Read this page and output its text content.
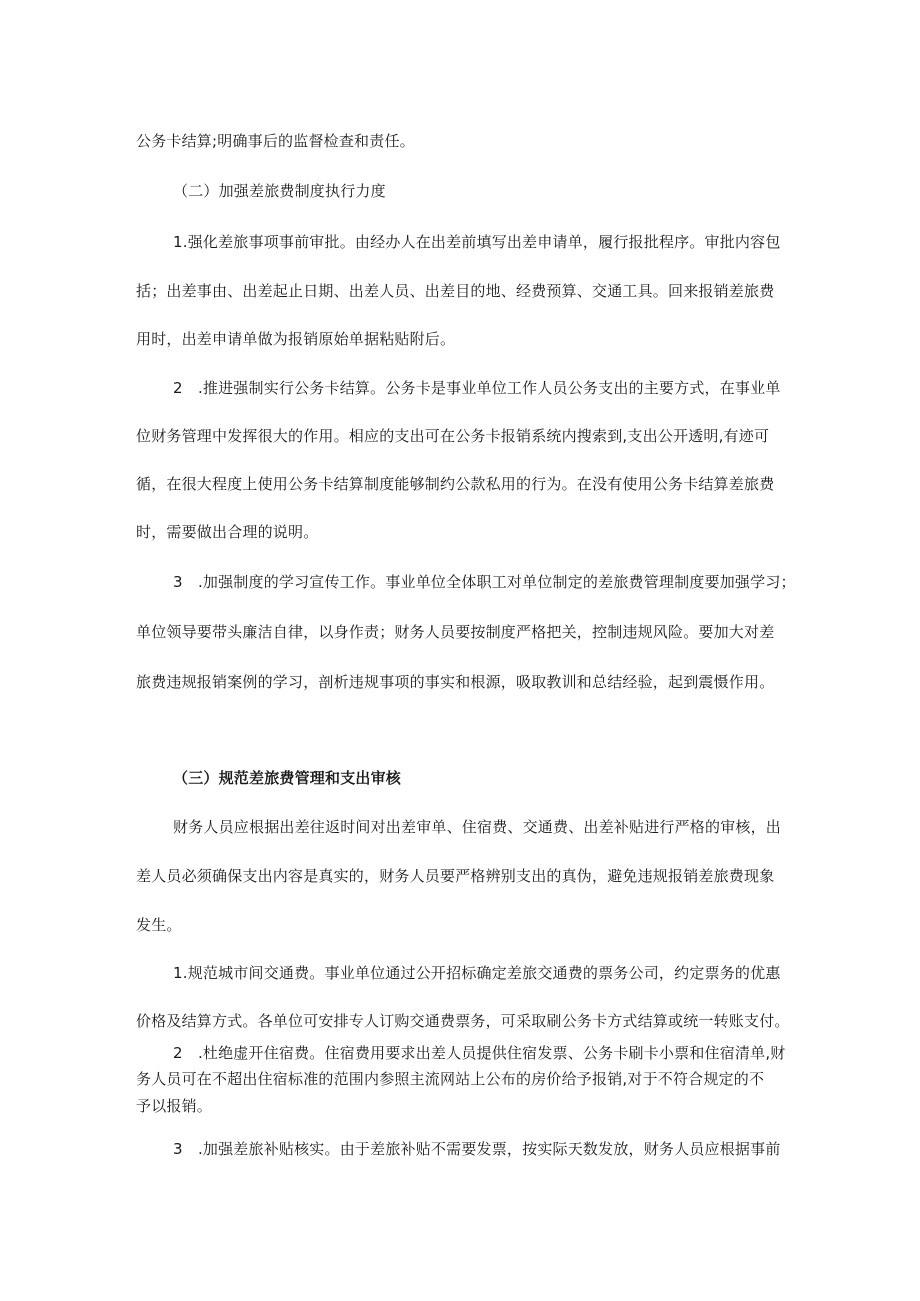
公务卡结算;明确事后的监督检查和责任。
（二）加强差旅费制度执行力度
1.强化差旅事项事前审批。由经办人在出差前填写出差申请单，履行报批程序。审批内容包
括；出差事由、出差起止日期、出差人员、出差目的地、经费预算、交通工具。回来报销差旅费
用时，出差申请单做为报销原始单据粘贴附后。
2　.推进强制实行公务卡结算。公务卡是事业单位工作人员公务支出的主要方式，在事业单
位财务管理中发挥很大的作用。相应的支出可在公务卡报销系统内搜索到,支出公开透明,有迹可
循，在很大程度上使用公务卡结算制度能够制约公款私用的行为。在没有使用公务卡结算差旅费
时，需要做出合理的说明。
3　.加强制度的学习宣传工作。事业单位全体职工对单位制定的差旅费管理制度要加强学习；
单位领导要带头廉洁自律，以身作责；财务人员要按制度严格把关，控制违规风险。要加大对差
旅费违规报销案例的学习，剖析违规事项的事实和根源，吸取教训和总结经验，起到震慑作用。
（三）规范差旅费管理和支出审核
财务人员应根据出差往返时间对出差审单、住宿费、交通费、出差补贴进行严格的审核，出
差人员必须确保支出内容是真实的，财务人员要严格辨别支出的真伪，避免违规报销差旅费现象
发生。
1.规范城市间交通费。事业单位通过公开招标确定差旅交通费的票务公司，约定票务的优惠
价格及结算方式。各单位可安排专人订购交通费票务，可采取刷公务卡方式结算或统一转账支付。
2　.杜绝虚开住宿费。住宿费用要求出差人员提供住宿发票、公务卡刷卡小票和住宿清单,财
务人员可在不超出住宿标准的范围内参照主流网站上公布的房价给予报销,对于不符合规定的不
予以报销。
3　.加强差旅补贴核实。由于差旅补贴不需要发票，按实际天数发放，财务人员应根据事前
